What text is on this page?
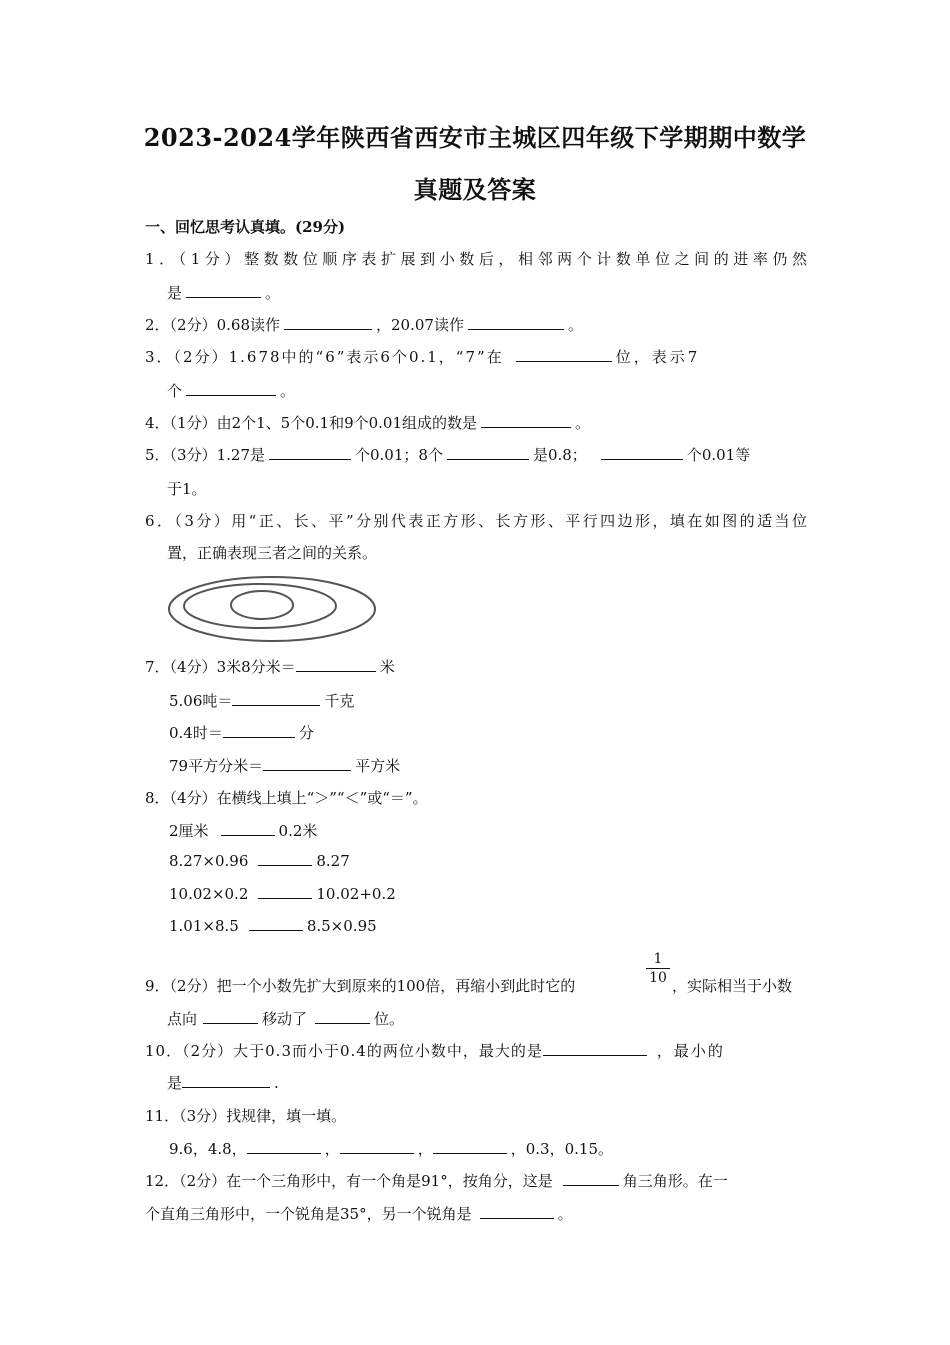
2023-2024学年陕西省西安市主城区四年级下学期期中数学
真题及答案
一、回忆思考认真填。(29分)
1．（1分）整数数位顺序表扩展到小数后，相邻两个计数单位之间的进率仍然
是	。
2．（2分）0.68读作	，20.07读作	。
3．（2分）1.678中的“6”表示6个0.1，“7”在	位，表示7
个	。
4．（1分）由2个1、5个0.1和9个0.01组成的数是	。
5．（3分）1.27是	个0.01；8个	是0.8；	个0.01等
于1。
6．（3分）用“正、长、平”分别代表正方形、长方形、平行四边形，填在如图的适当位
置，正确表现三者之间的关系。
7．（4分）3米8分米＝	米
5.06吨＝	千克
0.4时＝	分
79平方分米＝	平方米
8．（4分）在横线上填上“＞”“＜”或“＝”。
2厘米	0.2米
8.27×0.96	8.27
10.02×0.2	10.02+0.2
1.01×8.5	8.5×0.95
9．（2分）把一个小数先扩大到原来的100倍，再缩小到此时它的	$\frac{1}{10}$ ，实际相当于小数
点向	移动了	位。
10．（2分）大于0.3而小于0.4的两位小数中，最大的是	，最小的
是	.
11．（3分）找规律，填一填。
9.6，4.8，	，	，	，0.3，0.15。
12．（2分）在一个三角形中，有一个角是91°，按角分，这是	角三角形。在一
个直角三角形中，一个锐角是35°，另一个锐角是	。
